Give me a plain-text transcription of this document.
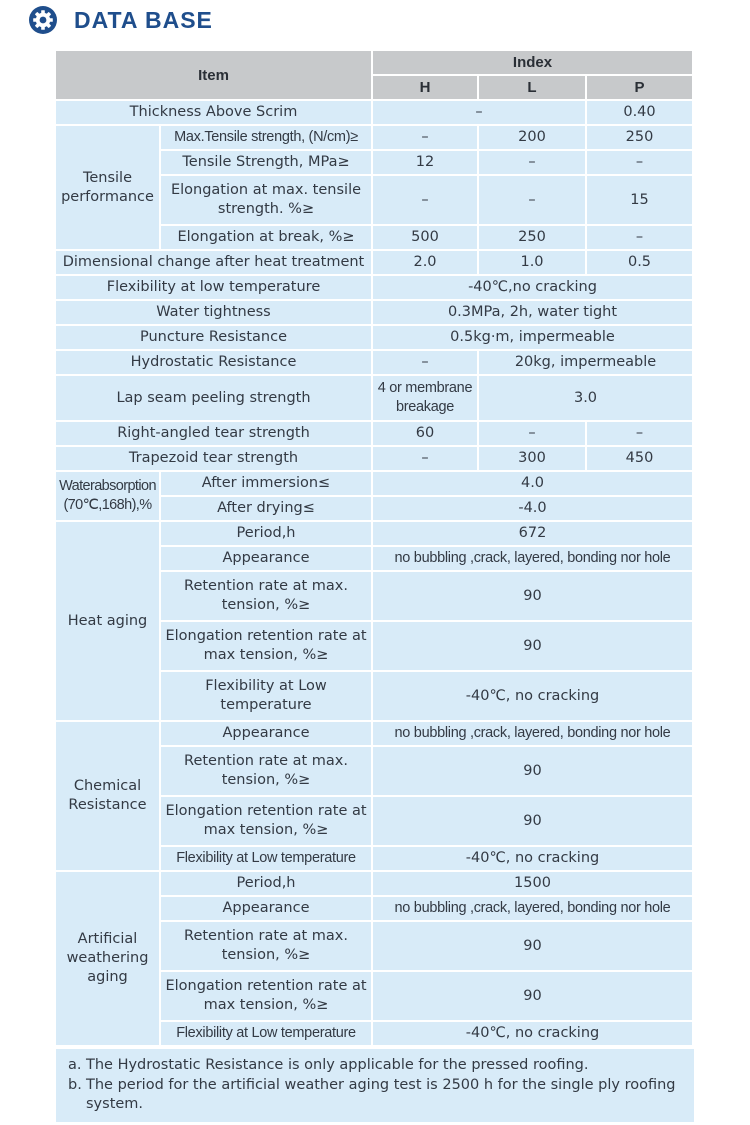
DATA BASE
Item		Index		
		H	L	P
Thickness Above Scrim		–		0.40
Tensile performance	Max.Tensile strength, (N/cm)≥	–	200	250
	Tensile Strength, MPa≥	12	–	–
	Elongation at max. tensile strength. %≥	–	–	15
	Elongation at break, %≥	500	250	–
Dimensional change after heat treatment		2.0	1.0	0.5
Flexibility at low temperature		-40℃,no cracking		
Water tightness		0.3MPa, 2h, water tight		
Puncture Resistance		0.5kg·m, impermeable		
Hydrostatic Resistance		–	20kg, impermeable	
Lap seam peeling strength		4 or membrane breakage	3.0	
Right-angled tear strength		60	–	–
Trapezoid tear strength		–	300	450
Waterabsorption (70℃,168h),%	After immersion≤	4.0		
	After drying≤	-4.0		
Heat aging	Period,h	672		
	Appearance	no bubbling ,crack, layered, bonding nor hole		
	Retention rate at max. tension, %≥	90		
	Elongation retention rate at max tension, %≥	90		
	Flexibility at Low temperature	-40℃, no cracking		
Chemical Resistance	Appearance	no bubbling ,crack, layered, bonding nor hole		
	Retention rate at max. tension, %≥	90		
	Elongation retention rate at max tension, %≥	90		
	Flexibility at Low temperature	-40℃, no cracking		
Artificial weathering aging	Period,h	1500		
	Appearance	no bubbling ,crack, layered, bonding nor hole		
	Retention rate at max. tension, %≥	90		
	Elongation retention rate at max tension, %≥	90		
	Flexibility at Low temperature	-40℃, no cracking		
a. The Hydrostatic Resistance is only applicable for the pressed roofing.
b. The period for the artificial weather aging test is 2500 h for the single ply roofing system.
